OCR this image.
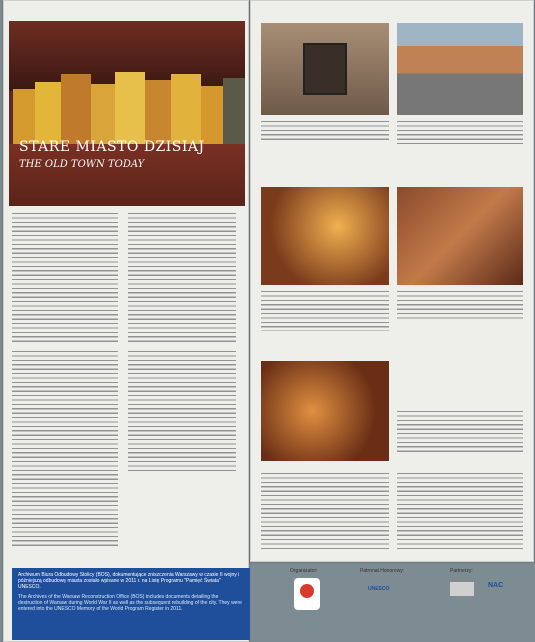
STARE MIASTO DZISIAJ
THE OLD TOWN TODAY

Archiwum Biura Odbudowy Stolicy (BOS), dokumentujące zniszczenia Warszawy w czasie II wojny i późniejszą odbudowę miasta zostało wpisane w 2011 r. na Listę Programu "Pamięć Świata" UNESCO.

The Archives of the Warsaw Reconstruction Office (BOS) includes documents detailing the destruction of Warsaw during World War II as well as the subsequent rebuilding of the city. They were entered into the UNESCO Memory of the World Program Register in 2011.

Organizator:	Patronat Honorowy:
UNESCO
Partnerzy:
NAC
